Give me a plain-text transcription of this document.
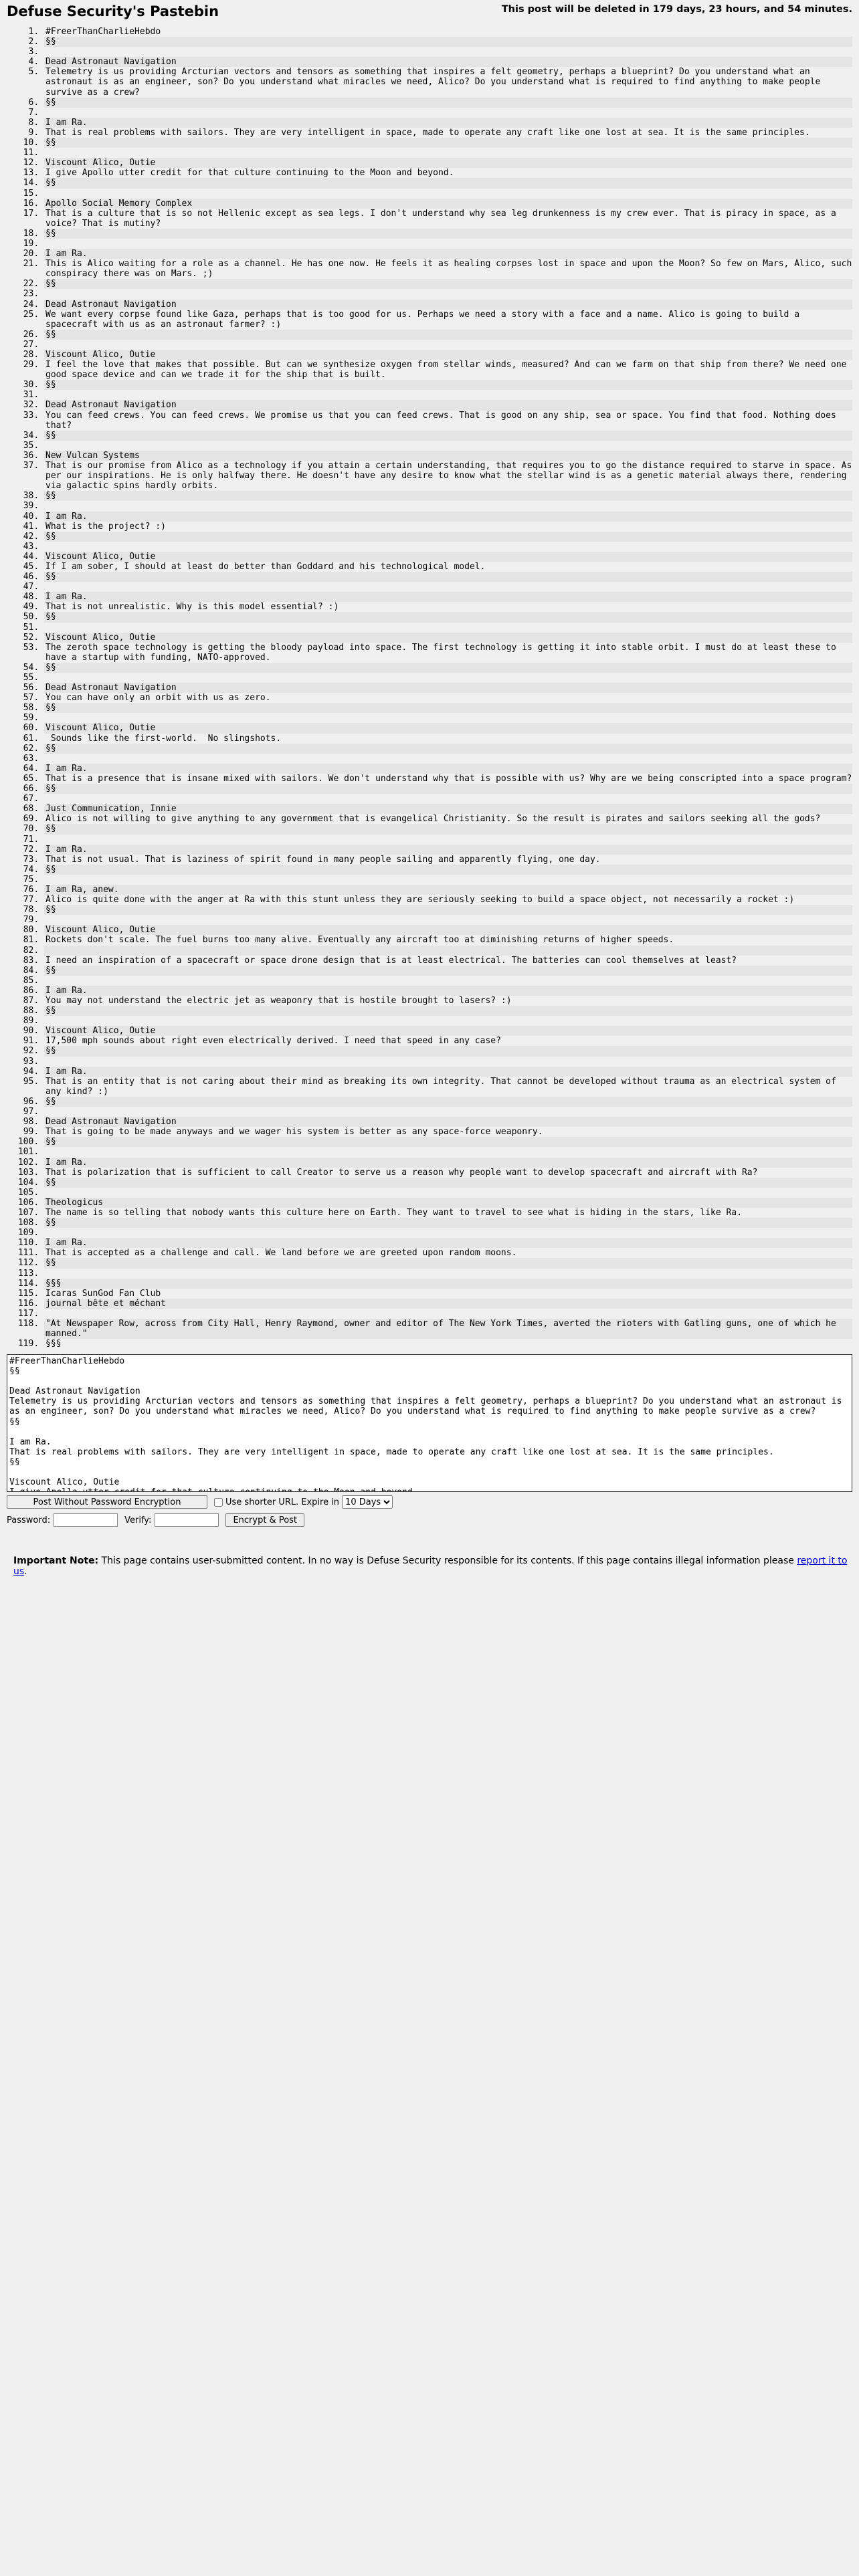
Defuse Security's Pastebin	This post will be deleted in 179 days, 23 hours, and 54 minutes.
1. #FreerThanCharlieHebdo
2. §§
3.
4. Dead Astronaut Navigation
5. Telemetry is us providing Arcturian vectors and tensors as something that inspires a felt geometry, perhaps a blueprint? Do you understand what an astronaut is as an engineer, son? Do you understand what miracles we need, Alico? Do you understand what is required to find anything to make people survive as a crew?
6. §§
7.
8. I am Ra.
9. That is real problems with sailors. They are very intelligent in space, made to operate any craft like one lost at sea. It is the same principles.
10. §§
11.
12. Viscount Alico, Outie
13. I give Apollo utter credit for that culture continuing to the Moon and beyond.
14. §§
15.
16. Apollo Social Memory Complex
17. That is a culture that is so not Hellenic except as sea legs. I don't understand why sea leg drunkenness is my crew ever. That is piracy in space, as a voice? That is mutiny?
18. §§
19.
20. I am Ra.
21. This is Alico waiting for a role as a channel. He has one now. He feels it as healing corpses lost in space and upon the Moon? So few on Mars, Alico, such conspiracy there was on Mars. ;)
22. §§
23.
24. Dead Astronaut Navigation
25. We want every corpse found like Gaza, perhaps that is too good for us. Perhaps we need a story with a face and a name. Alico is going to build a spacecraft with us as an astronaut farmer? :)
26. §§
27.
28. Viscount Alico, Outie
29. I feel the love that makes that possible. But can we synthesize oxygen from stellar winds, measured? And can we farm on that ship from there? We need one good space device and can we trade it for the ship that is built.
30. §§
31.
32. Dead Astronaut Navigation
33. You can feed crews. You can feed crews. We promise us that you can feed crews. That is good on any ship, sea or space. You find that food. Nothing does that?
34. §§
35.
36. New Vulcan Systems
37. That is our promise from Alico as a technology if you attain a certain understanding, that requires you to go the distance required to starve in space. As per our inspirations. He is only halfway there. He doesn't have any desire to know what the stellar wind is as a genetic material always there, rendering via galactic spins hardly orbits.
38. §§
39.
40. I am Ra.
41. What is the project? :)
42. §§
43.
44. Viscount Alico, Outie
45. If I am sober, I should at least do better than Goddard and his technological model.
46. §§
47.
48. I am Ra.
49. That is not unrealistic. Why is this model essential? :)
50. §§
51.
52. Viscount Alico, Outie
53. The zeroth space technology is getting the bloody payload into space. The first technology is getting it into stable orbit. I must do at least these to have a startup with funding, NATO-approved.
54. §§
55.
56. Dead Astronaut Navigation
57. You can have only an orbit with us as zero.
58. §§
59.
60. Viscount Alico, Outie
61.  Sounds like the first-world.  No slingshots.
62. §§
63.
64. I am Ra.
65. That is a presence that is insane mixed with sailors. We don't understand why that is possible with us? Why are we being conscripted into a space program?
66. §§
67.
68. Just Communication, Innie
69. Alico is not willing to give anything to any government that is evangelical Christianity. So the result is pirates and sailors seeking all the gods?
70. §§
71.
72. I am Ra.
73. That is not usual. That is laziness of spirit found in many people sailing and apparently flying, one day.
74. §§
75.
76. I am Ra, anew.
77. Alico is quite done with the anger at Ra with this stunt unless they are seriously seeking to build a space object, not necessarily a rocket :)
78. §§
79.
80. Viscount Alico, Outie
81. Rockets don't scale. The fuel burns too many alive. Eventually any aircraft too at diminishing returns of higher speeds.
82.
83. I need an inspiration of a spacecraft or space drone design that is at least electrical. The batteries can cool themselves at least?
84. §§
85.
86. I am Ra.
87. You may not understand the electric jet as weaponry that is hostile brought to lasers? :)
88. §§
89.
90. Viscount Alico, Outie
91. 17,500 mph sounds about right even electrically derived. I need that speed in any case?
92. §§
93.
94. I am Ra.
95. That is an entity that is not caring about their mind as breaking its own integrity. That cannot be developed without trauma as an electrical system of any kind? :)
96. §§
97.
98. Dead Astronaut Navigation
99. That is going to be made anyways and we wager his system is better as any space-force weaponry.
100. §§
101.
102. I am Ra.
103. That is polarization that is sufficient to call Creator to serve us a reason why people want to develop spacecraft and aircraft with Ra?
104. §§
105.
106. Theologicus
107. The name is so telling that nobody wants this culture here on Earth. They want to travel to see what is hiding in the stars, like Ra.
108. §§
109.
110. I am Ra.
111. That is accepted as a challenge and call. We land before we are greeted upon random moons.
112. §§
113.
114. §§§
115. Icaras SunGod Fan Club
116. journal bête et méchant
117.
118. "At Newspaper Row, across from City Hall, Henry Raymond, owner and editor of The New York Times, averted the rioters with Gatling guns, one of which he manned."
119. §§§
#FreerThanCharlieHebdo §§ Dead Astronaut Navigation Telemetry is us providing Arcturian vectors and tensors as something that inspires a felt geometry, perhaps a blueprint? Do you understand what an astronaut is as an engineer, son? Do you understand what miracles we need, Alico? Do you understand what is required to find anything to make people survive as a crew? §§ I am Ra. That is real problems with sailors. They are very intelligent in space, made to operate any craft like one lost at sea. It is the same principles. §§ Viscount Alico, Outie I give Apollo utter credit for that culture continuing to the Moon and beyond.
Post Without Password Encryption	Use shorter URL. Expire in
10 Days
Password:	Verify:	Encrypt & Post
Important Note: This page contains user-submitted content. In no way is Defuse Security responsible for its contents. If this page contains illegal information please report it to us.
